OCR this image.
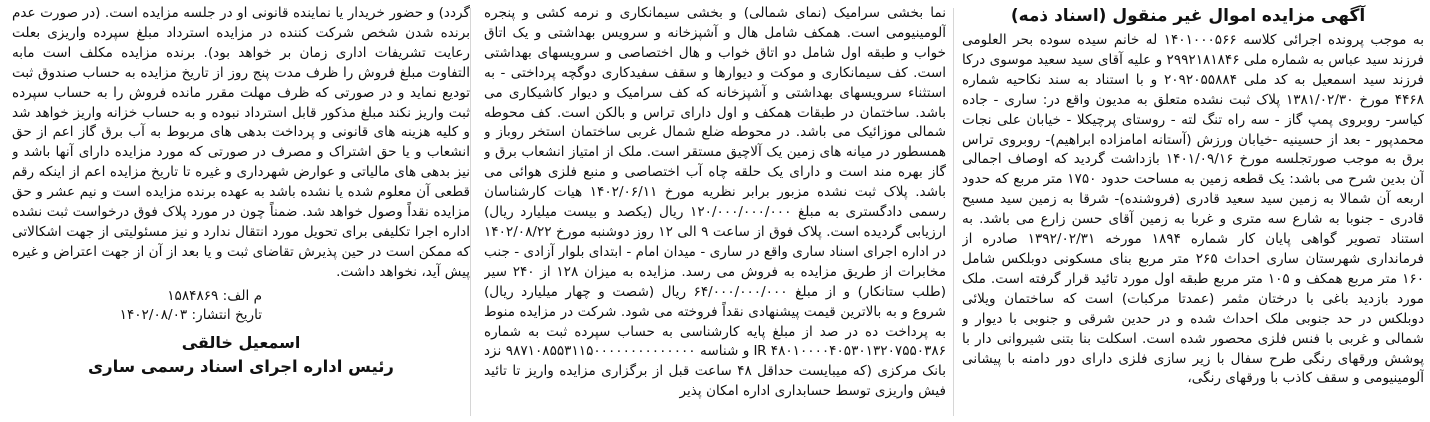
آگهی مزایده اموال غیر منقول (اسناد ذمه)

به موجب پرونده اجرائی کلاسه ۱۴۰۱۰۰۰۵۶۶ له خانم سیده سوده بحر العلومی فرزند سید عباس به شماره ملی ۲۹۹۲۱۸۱۸۴۶ و علیه آقای سید سعید موسوی درکا فرزند سید اسمعیل به کد ملی ۲۰۹۲۰۵۵۸۸۴ و با استناد به سند نکاحیه شماره ۴۴۶۸ مورخ ۱۳۸۱/۰۲/۳۰ پلاک ثبت نشده متعلق به مدیون واقع در: ساری - جاده کیاسر- روبروی پمپ گاز - سه راه تنگ لته - روستای پرچیکلا - خیابان علی نجات محمدپور - بعد از حسینیه -خیابان ورزش (آستانه امامزاده ابراهیم)- روبروی تراس برق به موجب صورتجلسه مورخ ۱۴۰۱/۰۹/۱۶ بازداشت گردید که اوصاف اجمالی آن بدین شرح می باشد: یک قطعه زمین به مساحت حدود ۱۷۵۰ متر مربع که حدود اربعه آن شمالا به زمین سید سعید قادری (فروشنده)- شرقا به زمین سید مسیح قادری - جنوبا به شارع سه متری و غربا به زمین آقای حسن زارع می باشد. به استناد تصویر گواهی پایان کار شماره ۱۸۹۴ مورخه ۱۳۹۲/۰۲/۳۱ صادره از فرمانداری شهرستان ساری احداث ۲۶۵ متر مربع بنای مسکونی دوبلکس شامل ۱۶۰ متر مربع همکف و ۱۰۵ متر مربع طبقه اول مورد تائید قرار گرفته است. ملک مورد بازدید باغی با درختان مثمر (عمدتا مرکبات) است که ساختمان ویلائی دوبلکس در حد جنوبی ملک احداث شده و در حدین شرقی و جنوبی با دیوار و شمالی و غربی با فنس فلزی محصور شده است. اسکلت بنا بتنی شیروانی دار با پوشش ورقهای رنگی طرح سفال با زیر سازی فلزی دارای دور دامنه با پیشانی آلومینیومی و سقف کاذب با ورقهای رنگی،

نما بخشی سرامیک (نمای شمالی) و بخشی سیمانکاری و نرمه کشی و پنجره آلومینیومی است. همکف شامل هال و آشپزخانه و سرویس بهداشتی و یک اتاق خواب و طبقه اول شامل دو اتاق خواب و هال اختصاصی و سرویسهای بهداشتی است. کف سیمانکاری و موکت و دیوارها و سقف سفیدکاری دوگچه پرداختی - به استثناء سرویسهای بهداشتی و آشپزخانه که کف سرامیک و دیوار کاشیکاری می باشد. ساختمان در طبقات همکف و اول دارای تراس و بالکن است. کف محوطه شمالی موزائیک می باشد. در محوطه ضلع شمال غربی ساختمان استخر روباز و همسطور در میانه های زمین یک آلاچیق مستقر است. ملک از امتیاز انشعاب برق و گاز بهره مند است و دارای یک حلقه چاه آب اختصاصی و منبع فلزی هوائی می باشد. پلاک ثبت نشده مزبور برابر نظریه مورخ ۱۴۰۲/۰۶/۱۱ هیات کارشناسان رسمی دادگستری به مبلغ ۱۲۰/۰۰۰/۰۰۰/۰۰۰ ریال (یکصد و بیست میلیارد ریال) ارزیابی گردیده است. پلاک فوق از ساعت ۹ الی ۱۲ روز دوشنبه مورخ ۱۴۰۲/۰۸/۲۲ در اداره اجرای اسناد ساری واقع در ساری - میدان امام - ابتدای بلوار آزادی - جنب مخابرات از طریق مزایده به فروش می رسد. مزایده به میزان ۱۲۸ از ۲۴۰ سیر (طلب ستانکار) و از مبلغ ۶۴/۰۰۰/۰۰۰/۰۰۰ ریال (شصت و چهار میلیارد ریال) شروع و به بالاترین قیمت پیشنهادی نقداً فروخته می شود. شرکت در مزایده منوط به پرداخت ده در صد از مبلغ پایه کارشناسی به حساب سپرده ثبت به شماره ۴۸۰۱۰۰۰۰۴۰۵۳۰۱۳۲۰۷۵۵۰۳۸۶ IR و شناسه ۹۸۷۱۰۸۵۵۳۱۱۵۰۰۰۰۰۰۰۰۰۰۰۰۰۰ نزد بانک مرکزی (که میبایست حداقل ۴۸ ساعت قبل از برگزاری مزایده واریز تا تائید فیش واریزی توسط حسابداری اداره امکان پذیر

گردد) و حضور خریدار یا نماینده قانونی او در جلسه مزایده است. (در صورت عدم برنده شدن شخص شرکت کننده در مزایده استرداد مبلغ سپرده واریزی بعلت رعایت تشریفات اداری زمان بر خواهد بود). برنده مزایده مکلف است مابه التفاوت مبلغ فروش را ظرف مدت پنج روز از تاریخ مزایده به حساب صندوق ثبت تودیع نماید و در صورتی که ظرف مهلت مقرر مانده فروش را به حساب سپرده ثبت واریز نکند مبلغ مذکور قابل استرداد نبوده و به حساب خزانه واریز خواهد شد و کلیه هزینه های قانونی و پرداخت بدهی های مربوط به آب برق گاز اعم از حق انشعاب و یا حق اشتراک و مصرف در صورتی که مورد مزایده دارای آنها باشد و نیز بدهی های مالیاتی و عوارض شهرداری و غیره تا تاریخ مزایده اعم از اینکه رقم قطعی آن معلوم شده یا نشده باشد به عهده برنده مزایده است و نیم عشر و حق مزایده نقداً وصول خواهد شد. ضمناً چون در مورد پلاک فوق درخواست ثبت نشده اداره اجرا تکلیفی برای تحویل مورد انتقال ندارد و نیز مسئولیتی از جهت اشکالاتی که ممکن است در حین پذیرش تقاضای ثبت و یا بعد از آن از جهت اعتراض و غیره پیش آید، نخواهد داشت.

م الف: ۱۵۸۴۸۶۹
تاریخ انتشار: ۱۴۰۲/۰۸/۰۳
اسمعیل خالقی
رئیس اداره اجرای اسناد رسمی ساری
